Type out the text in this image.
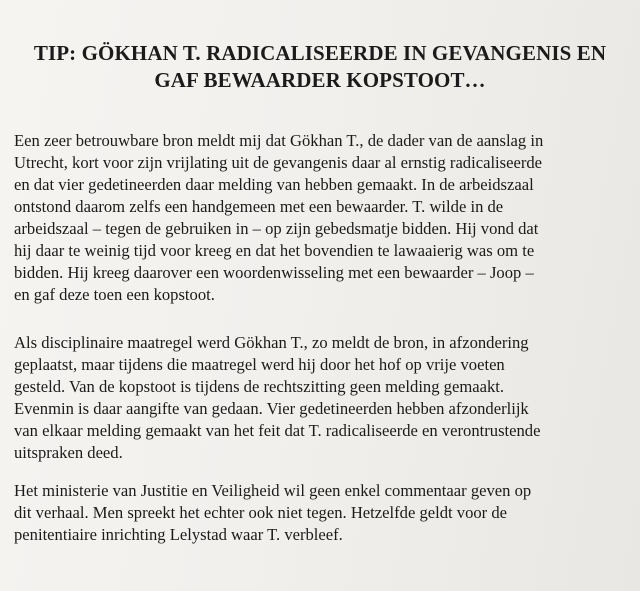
TIP: GÖKHAN T. RADICALISEERDE IN GEVANGENIS EN
GAF BEWAARDER KOPSTOOT…

Een zeer betrouwbare bron meldt mij dat Gökhan T., de dader van de aanslag in
Utrecht, kort voor zijn vrijlating uit de gevangenis daar al ernstig radicaliseerde
en dat vier gedetineerden daar melding van hebben gemaakt. In de arbeidszaal
ontstond daarom zelfs een handgemeen met een bewaarder. T. wilde in de
arbeidszaal – tegen de gebruiken in – op zijn gebedsmatje bidden. Hij vond dat
hij daar te weinig tijd voor kreeg en dat het bovendien te lawaaierig was om te
bidden. Hij kreeg daarover een woordenwisseling met een bewaarder – Joop –
en gaf deze toen een kopstoot.

Als disciplinaire maatregel werd Gökhan T., zo meldt de bron, in afzondering
geplaatst, maar tijdens die maatregel werd hij door het hof op vrije voeten
gesteld. Van de kopstoot is tijdens de rechtszitting geen melding gemaakt.
Evenmin is daar aangifte van gedaan. Vier gedetineerden hebben afzonderlijk
van elkaar melding gemaakt van het feit dat T. radicaliseerde en verontrustende
uitspraken deed.

Het ministerie van Justitie en Veiligheid wil geen enkel commentaar geven op
dit verhaal. Men spreekt het echter ook niet tegen. Hetzelfde geldt voor de
penitentiaire inrichting Lelystad waar T. verbleef.
